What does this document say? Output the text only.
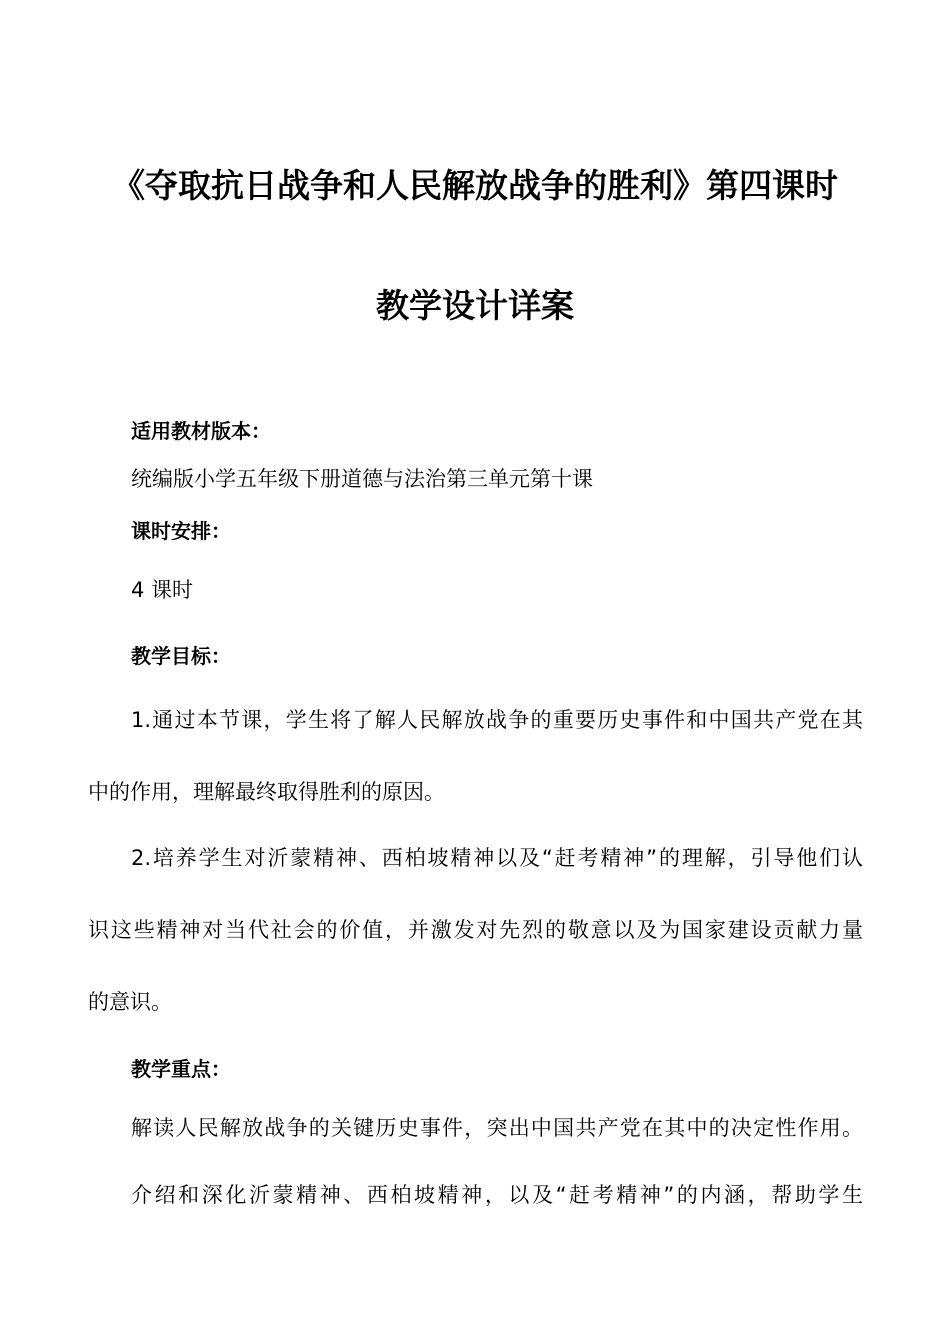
《夺取抗日战争和人民解放战争的胜利》第四课时
教学设计详案
适用教材版本：
统编版小学五年级下册道德与法治第三单元第十课
课时安排：
4 课时
教学目标：
1.通过本节课，学生将了解人民解放战争的重要历史事件和中国共产党在其
中的作用，理解最终取得胜利的原因。
2.培养学生对沂蒙精神、西柏坡精神以及“赶考精神”的理解，引导他们认
识这些精神对当代社会的价值，并激发对先烈的敬意以及为国家建设贡献力量
的意识。
教学重点：
解读人民解放战争的关键历史事件，突出中国共产党在其中的决定性作用。
介绍和深化沂蒙精神、西柏坡精神，以及“赶考精神”的内涵，帮助学生
